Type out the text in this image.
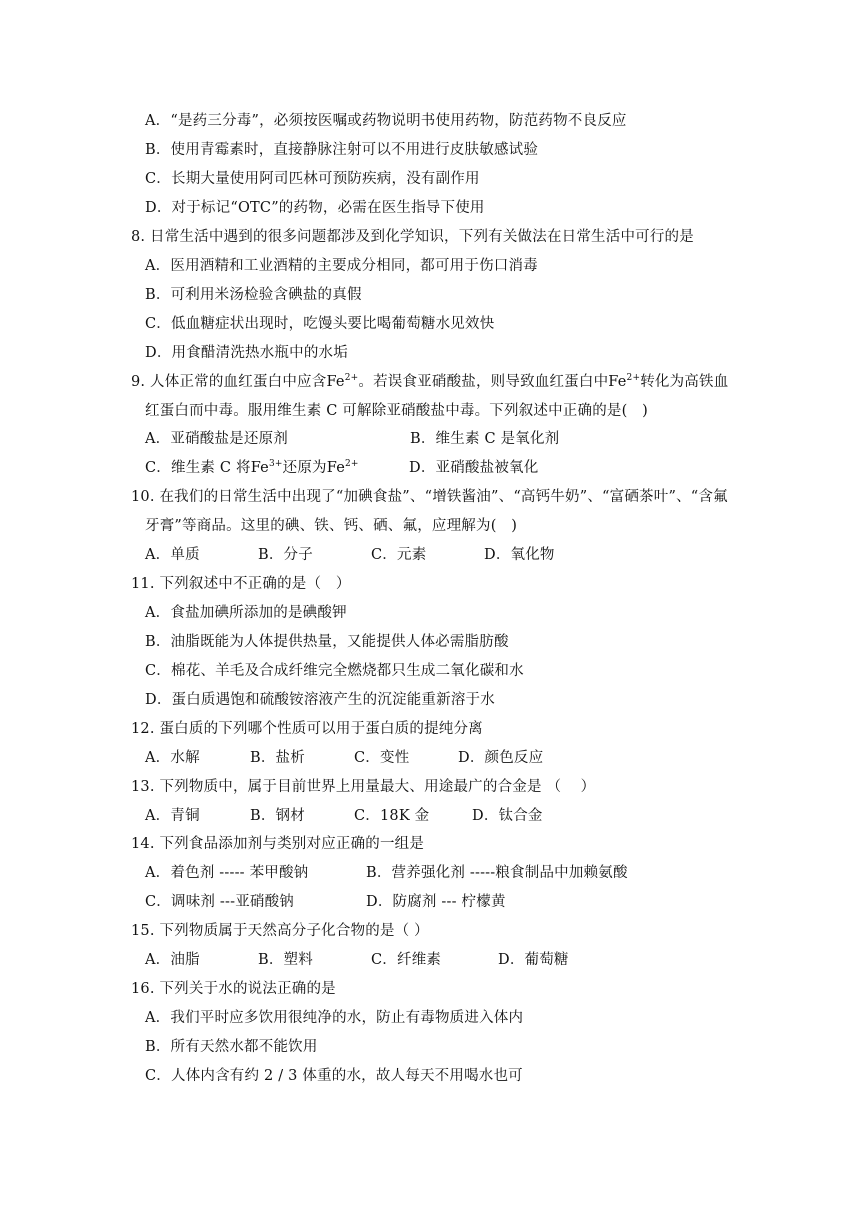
A．“是药三分毒”，必须按医嘱或药物说明书使用药物，防范药物不良反应
B．使用青霉素时，直接静脉注射可以不用进行皮肤敏感试验
C．长期大量使用阿司匹林可预防疾病，没有副作用
D．对于标记“OTC”的药物，必需在医生指导下使用
8. 日常生活中遇到的很多问题都涉及到化学知识，下列有关做法在日常生活中可行的是
A．医用酒精和工业酒精的主要成分相同，都可用于伤口消毒
B．可利用米汤检验含碘盐的真假
C．低血糖症状出现时，吃馒头要比喝葡萄糖水见效快
D．用食醋清洗热水瓶中的水垢
9. 人体正常的血红蛋白中应含$Fe^{2+}$。若误食亚硝酸盐，则导致血红蛋白中$Fe^{2+}$转化为高铁血
红蛋白而中毒。服用维生素 C 可解除亚硝酸盐中毒。下列叙述中正确的是(　)
A．亚硝酸盐是还原剂	B．维生素 C 是氧化剂
C．维生素 C 将$Fe^{3+}$还原为$Fe^{2+}$	D．亚硝酸盐被氧化
10. 在我们的日常生活中出现了“加碘食盐”、“增铁酱油”、“高钙牛奶”、“富硒茶叶”、“含氟
牙膏”等商品。这里的碘、铁、钙、硒、氟，应理解为(　)
A．单质	B．分子	C．元素	D．氧化物
11. 下列叙述中不正确的是（　）
A．食盐加碘所添加的是碘酸钾
B．油脂既能为人体提供热量，又能提供人体必需脂肪酸
C．棉花、羊毛及合成纤维完全燃烧都只生成二氧化碳和水
D．蛋白质遇饱和硫酸铵溶液产生的沉淀能重新溶于水
12. 蛋白质的下列哪个性质可以用于蛋白质的提纯分离
A．水解	B．盐析	C．变性	D．颜色反应
13. 下列物质中，属于目前世界上用量最大、用途最广的合金是 （　 ）
A．青铜	B．钢材	C．18K 金	D．钛合金
14. 下列食品添加剂与类别对应正确的一组是
A．着色剂 ----- 苯甲酸钠	B．营养强化剂 -----粮食制品中加赖氨酸
C．调味剂 ---亚硝酸钠	D．防腐剂 --- 柠檬黄
15. 下列物质属于天然高分子化合物的是（ ）
A．油脂	B．塑料	C．纤维素	D．葡萄糖
16. 下列关于水的说法正确的是
A．我们平时应多饮用很纯净的水，防止有毒物质进入体内
B．所有天然水都不能饮用
C．人体内含有约 2 / 3 体重的水，故人每天不用喝水也可
